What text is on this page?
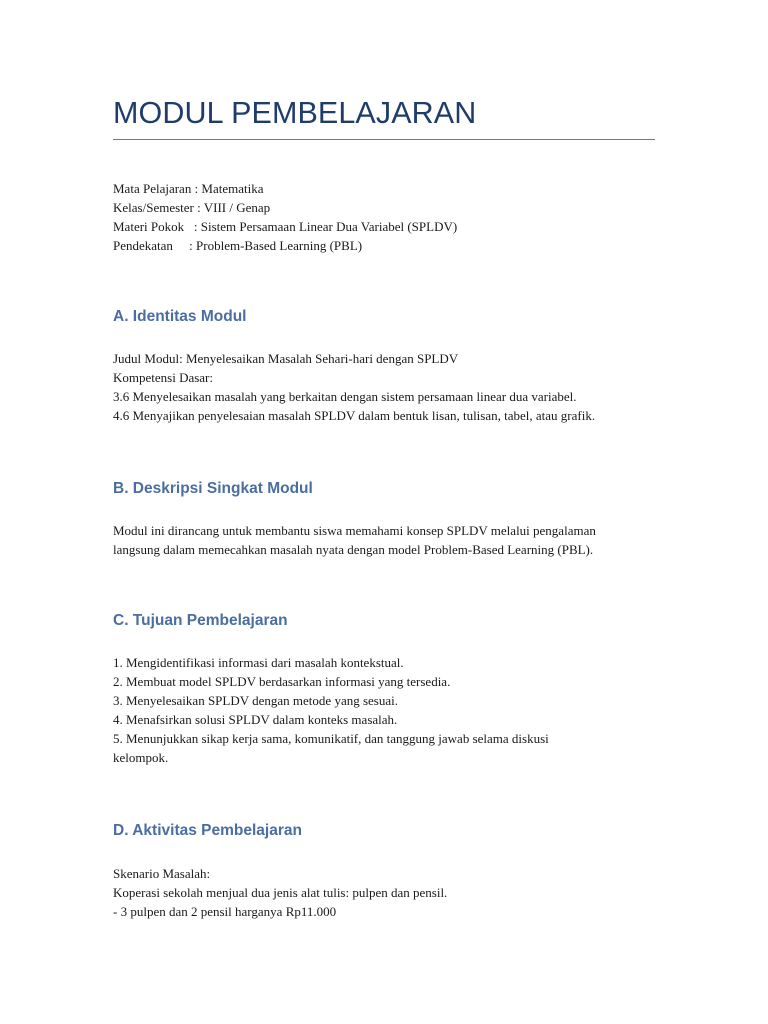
MODUL PEMBELAJARAN

Mata Pelajaran : Matematika

Kelas/Semester : VIII / Genap

Materi Pokok   : Sistem Persamaan Linear Dua Variabel (SPLDV)

Pendekatan     : Problem-Based Learning (PBL)

A. Identitas Modul

Judul Modul: Menyelesaikan Masalah Sehari-hari dengan SPLDV

Kompetensi Dasar:

3.6 Menyelesaikan masalah yang berkaitan dengan sistem persamaan linear dua variabel.

4.6 Menyajikan penyelesaian masalah SPLDV dalam bentuk lisan, tulisan, tabel, atau grafik.

B. Deskripsi Singkat Modul

Modul ini dirancang untuk membantu siswa memahami konsep SPLDV melalui pengalaman

langsung dalam memecahkan masalah nyata dengan model Problem-Based Learning (PBL).

C. Tujuan Pembelajaran

1. Mengidentifikasi informasi dari masalah kontekstual.

2. Membuat model SPLDV berdasarkan informasi yang tersedia.

3. Menyelesaikan SPLDV dengan metode yang sesuai.

4. Menafsirkan solusi SPLDV dalam konteks masalah.

5. Menunjukkan sikap kerja sama, komunikatif, dan tanggung jawab selama diskusi

kelompok.

D. Aktivitas Pembelajaran

Skenario Masalah:

Koperasi sekolah menjual dua jenis alat tulis: pulpen dan pensil.

- 3 pulpen dan 2 pensil harganya Rp11.000
